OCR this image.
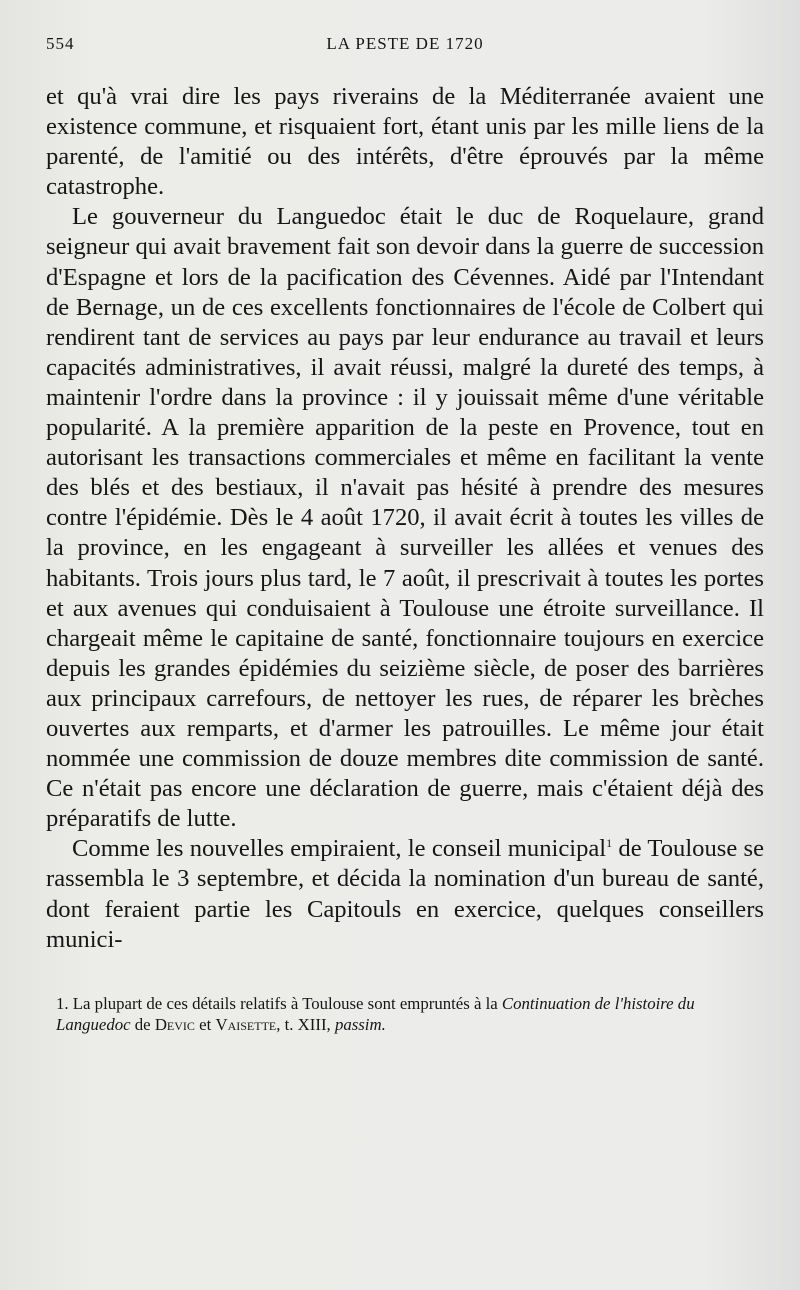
554	LA PESTE DE 1720

et qu'à vrai dire les pays riverains de la Méditerranée avaient une existence commune, et risquaient fort, étant unis par les mille liens de la parenté, de l'amitié ou des intérêts, d'être éprouvés par la même catastrophe.

Le gouverneur du Languedoc était le duc de Roquelaure, grand seigneur qui avait bravement fait son devoir dans la guerre de succession d'Espagne et lors de la pacification des Cévennes. Aidé par l'Intendant de Bernage, un de ces excellents fonctionnaires de l'école de Colbert qui rendirent tant de services au pays par leur endurance au travail et leurs capacités administratives, il avait réussi, malgré la dureté des temps, à maintenir l'ordre dans la province : il y jouissait même d'une véritable popularité. A la première apparition de la peste en Provence, tout en autorisant les transactions commerciales et même en facilitant la vente des blés et des bestiaux, il n'avait pas hésité à prendre des mesures contre l'épidémie. Dès le 4 août 1720, il avait écrit à toutes les villes de la province, en les engageant à surveiller les allées et venues des habitants. Trois jours plus tard, le 7 août, il prescrivait à toutes les portes et aux avenues qui conduisaient à Toulouse une étroite surveillance. Il chargeait même le capitaine de santé, fonctionnaire toujours en exercice depuis les grandes épidémies du seizième siècle, de poser des barrières aux principaux carrefours, de nettoyer les rues, de réparer les brèches ouvertes aux remparts, et d'armer les patrouilles. Le même jour était nommée une commission de douze membres dite commission de santé. Ce n'était pas encore une déclaration de guerre, mais c'étaient déjà des préparatifs de lutte.

Comme les nouvelles empiraient, le conseil municipal$^1$ de Toulouse se rassembla le 3 septembre, et décida la nomination d'un bureau de santé, dont feraient partie les Capitouls en exercice, quelques conseillers munici-

1. La plupart de ces détails relatifs à Toulouse sont empruntés à la Continuation de l'histoire du Languedoc de Devic et Vaisette, t. XIII, passim.
